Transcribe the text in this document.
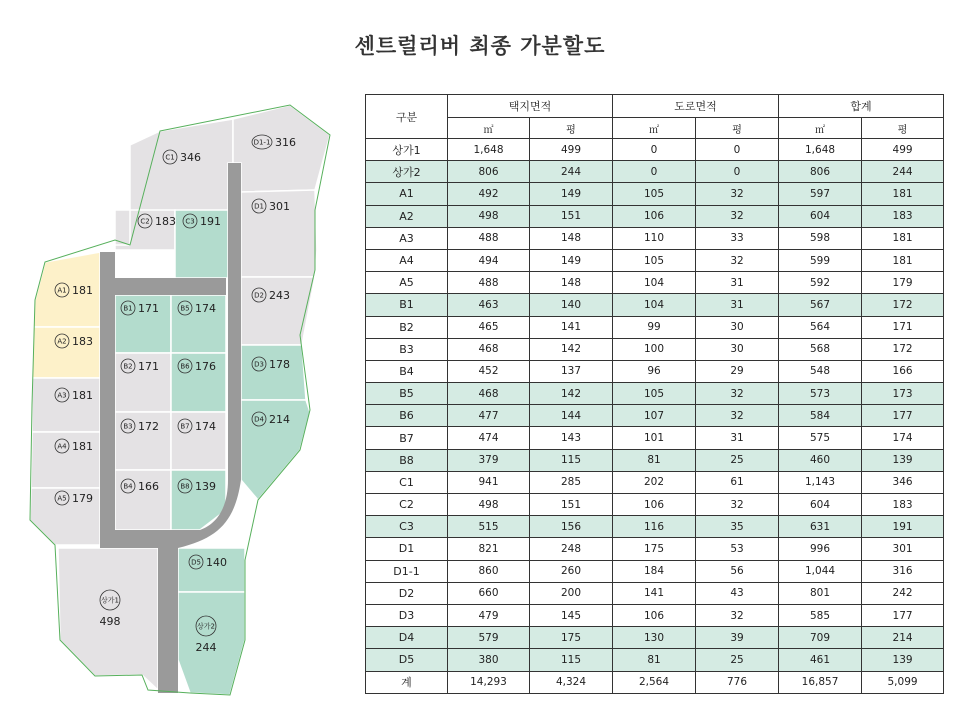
센트럴리버 최종 가분할도
C1 346
D1-1 316
C2 183 C3 191
D1 301
A1 181
A2 183
A3 181
A4 181
A5 179
D2 243
D3 178
D4 214
B1 171	B5 174
B2 171	B6 176
B3 172	B7 174
B4 166	B8 139
D5 140
상가1
498	상가2
244
구분	택지면적		도로면적		합계	
	㎡	평	㎡	평	㎡	평
상가1	1,648	499	0	0	1,648	499
상가2	806	244	0	0	806	244
A1	492	149	105	32	597	181
A2	498	151	106	32	604	183
A3	488	148	110	33	598	181
A4	494	149	105	32	599	181
A5	488	148	104	31	592	179
B1	463	140	104	31	567	172
B2	465	141	99	30	564	171
B3	468	142	100	30	568	172
B4	452	137	96	29	548	166
B5	468	142	105	32	573	173
B6	477	144	107	32	584	177
B7	474	143	101	31	575	174
B8	379	115	81	25	460	139
C1	941	285	202	61	1,143	346
C2	498	151	106	32	604	183
C3	515	156	116	35	631	191
D1	821	248	175	53	996	301
D1-1	860	260	184	56	1,044	316
D2	660	200	141	43	801	242
D3	479	145	106	32	585	177
D4	579	175	130	39	709	214
D5	380	115	81	25	461	139
계	14,293	4,324	2,564	776	16,857	5,099
